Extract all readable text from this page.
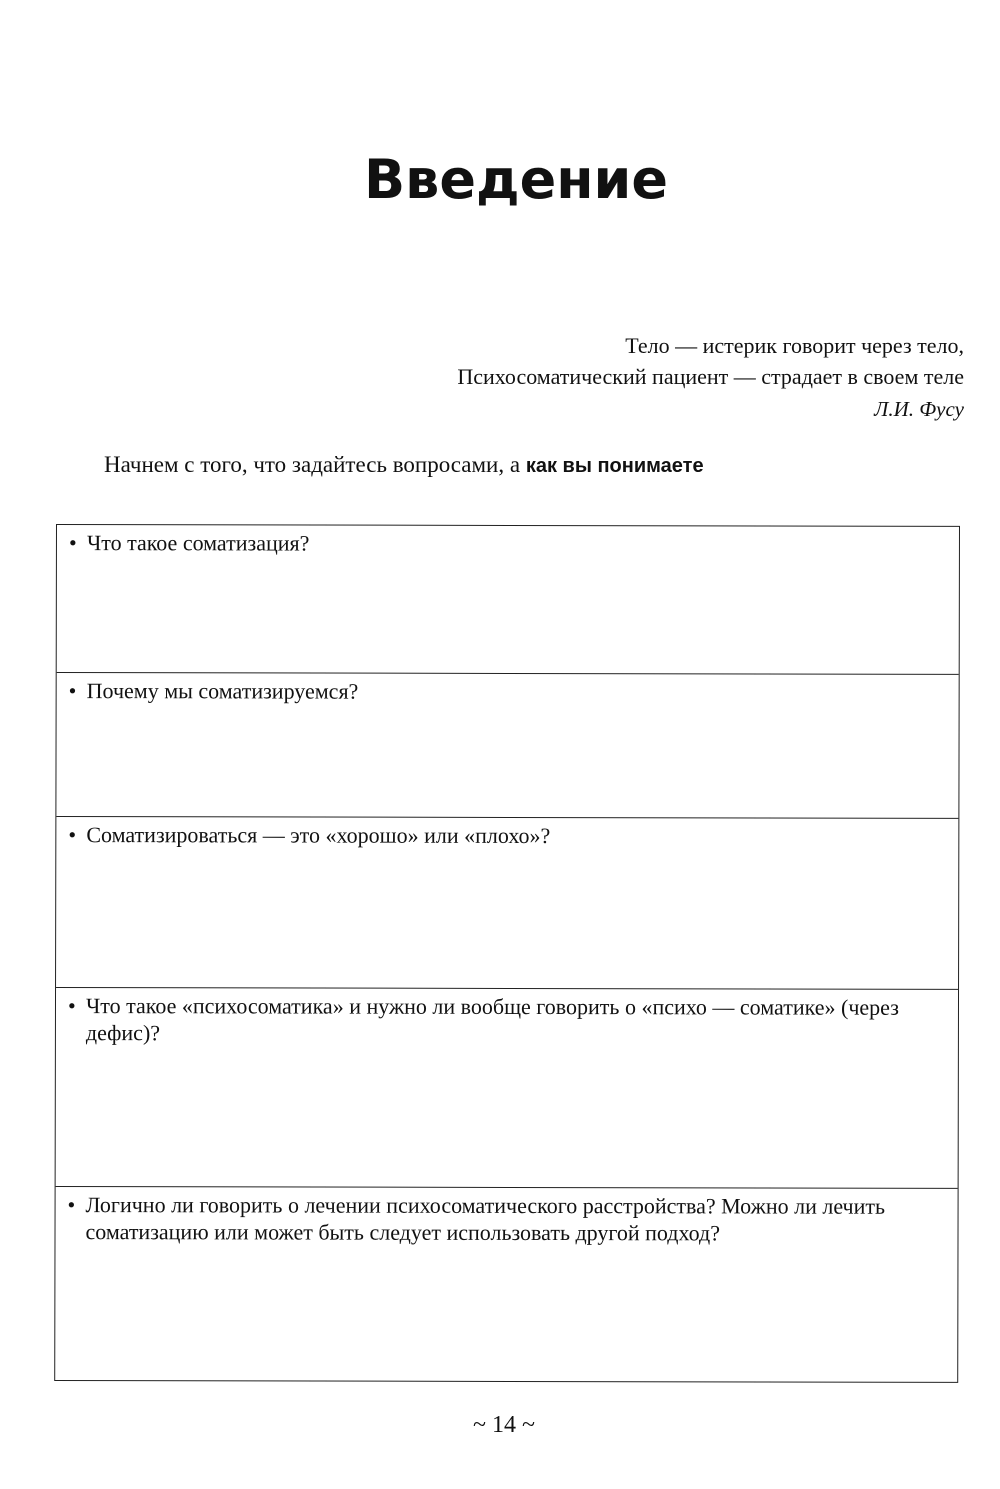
Введение
Тело — истерик говорит через тело,
Психосоматический пациент — страдает в своем теле
Л.И. Фусу

Начнем с того, что задайтесь вопросами, а как вы понимаете

• Что такое соматизация?
• Почему мы соматизируемся?
• Соматизироваться — это «хорошо» или «плохо»?
• Что такое «психосоматика» и нужно ли вообще говорить о «психо — соматике» (через дефис)?
• Логично ли говорить о лечении психосоматического расстройства? Можно ли лечить соматизацию или может быть следует использовать другой подход?
~ 14 ~
